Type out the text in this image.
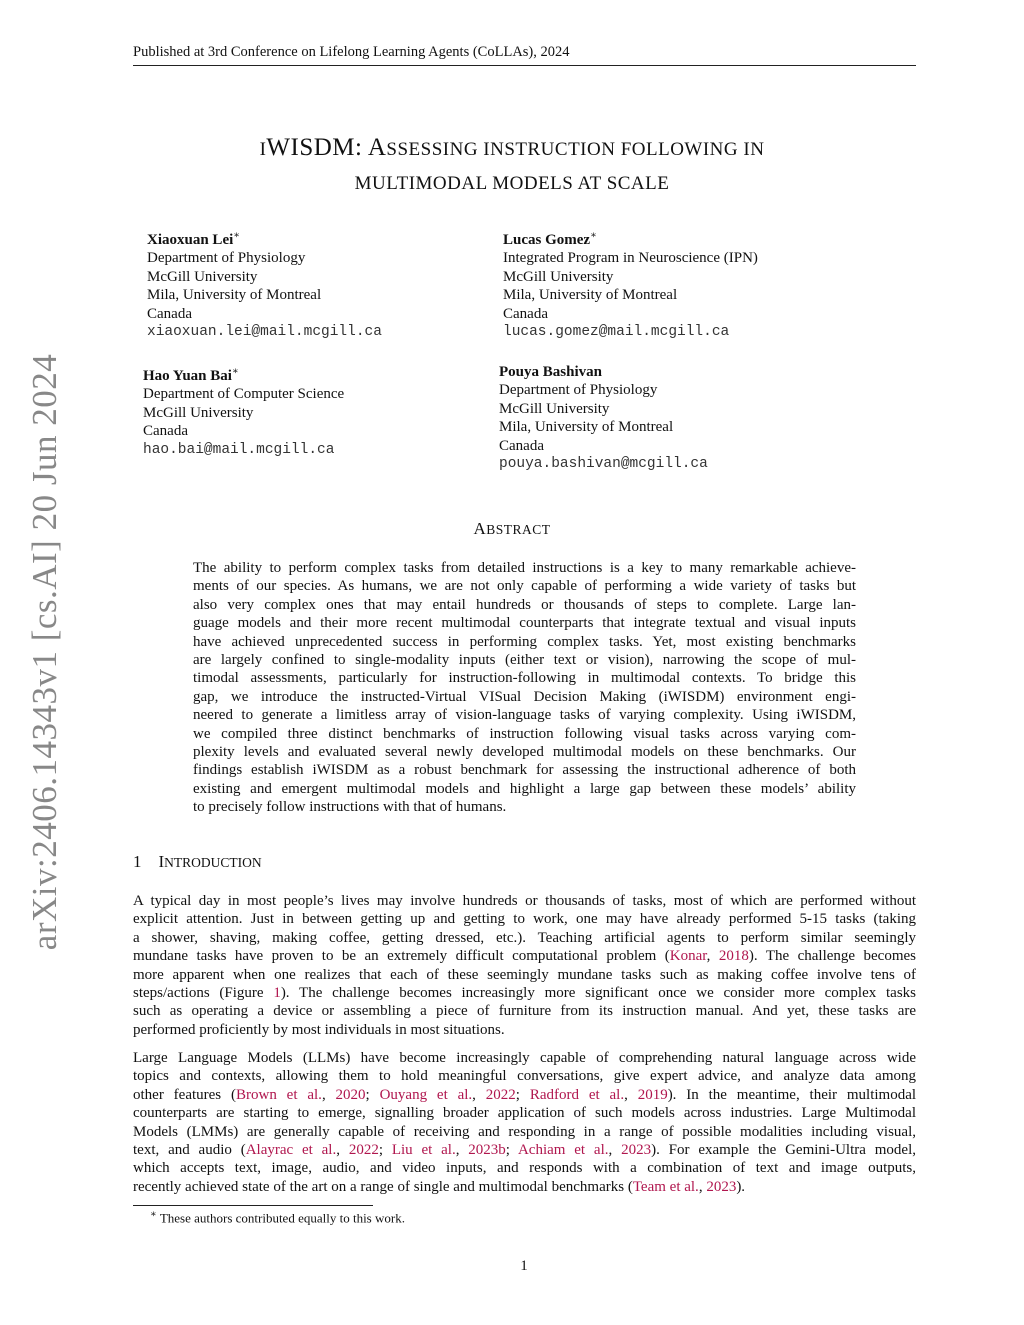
Published at 3rd Conference on Lifelong Learning Agents (CoLLAs), 2024
arXiv:2406.14343v1 [cs.AI] 20 Jun 2024
IWISDM: ASSESSING INSTRUCTION FOLLOWING IN
MULTIMODAL MODELS AT SCALE
Xiaoxuan Lei∗
Department of Physiology
McGill University
Mila, University of Montreal
Canada
xiaoxuan.lei@mail.mcgill.ca
Lucas Gomez∗
Integrated Program in Neuroscience (IPN)
McGill University
Mila, University of Montreal
Canada
lucas.gomez@mail.mcgill.ca
Hao Yuan Bai∗
Department of Computer Science
McGill University
Canada
hao.bai@mail.mcgill.ca
Pouya Bashivan
Department of Physiology
McGill University
Mila, University of Montreal
Canada
pouya.bashivan@mcgill.ca
ABSTRACT
The ability to perform complex tasks from detailed instructions is a key to many remarkable achieve-
ments of our species. As humans, we are not only capable of performing a wide variety of tasks but
also very complex ones that may entail hundreds or thousands of steps to complete. Large lan-
guage models and their more recent multimodal counterparts that integrate textual and visual inputs
have achieved unprecedented success in performing complex tasks. Yet, most existing benchmarks
are largely confined to single-modality inputs (either text or vision), narrowing the scope of mul-
timodal assessments, particularly for instruction-following in multimodal contexts. To bridge this
gap, we introduce the instructed-Virtual VISual Decision Making (iWISDM) environment engi-
neered to generate a limitless array of vision-language tasks of varying complexity. Using iWISDM,
we compiled three distinct benchmarks of instruction following visual tasks across varying com-
plexity levels and evaluated several newly developed multimodal models on these benchmarks. Our
findings establish iWISDM as a robust benchmark for assessing the instructional adherence of both
existing and emergent multimodal models and highlight a large gap between these models’ ability
to precisely follow instructions with that of humans.
1 INTRODUCTION
A typical day in most people’s lives may involve hundreds or thousands of tasks, most of which are performed without
explicit attention. Just in between getting up and getting to work, one may have already performed 5-15 tasks (taking
a shower, shaving, making coffee, getting dressed, etc.). Teaching artificial agents to perform similar seemingly
mundane tasks have proven to be an extremely difficult computational problem (Konar, 2018). The challenge becomes
more apparent when one realizes that each of these seemingly mundane tasks such as making coffee involve tens of
steps/actions (Figure 1). The challenge becomes increasingly more significant once we consider more complex tasks
such as operating a device or assembling a piece of furniture from its instruction manual. And yet, these tasks are
performed proficiently by most individuals in most situations.
Large Language Models (LLMs) have become increasingly capable of comprehending natural language across wide
topics and contexts, allowing them to hold meaningful conversations, give expert advice, and analyze data among
other features (Brown et al., 2020; Ouyang et al., 2022; Radford et al., 2019). In the meantime, their multimodal
counterparts are starting to emerge, signalling broader application of such models across industries. Large Multimodal
Models (LMMs) are generally capable of receiving and responding in a range of possible modalities including visual,
text, and audio (Alayrac et al., 2022; Liu et al., 2023b; Achiam et al., 2023). For example the Gemini-Ultra model,
which accepts text, image, audio, and video inputs, and responds with a combination of text and image outputs,
recently achieved state of the art on a range of single and multimodal benchmarks (Team et al., 2023).
∗ These authors contributed equally to this work.
1
